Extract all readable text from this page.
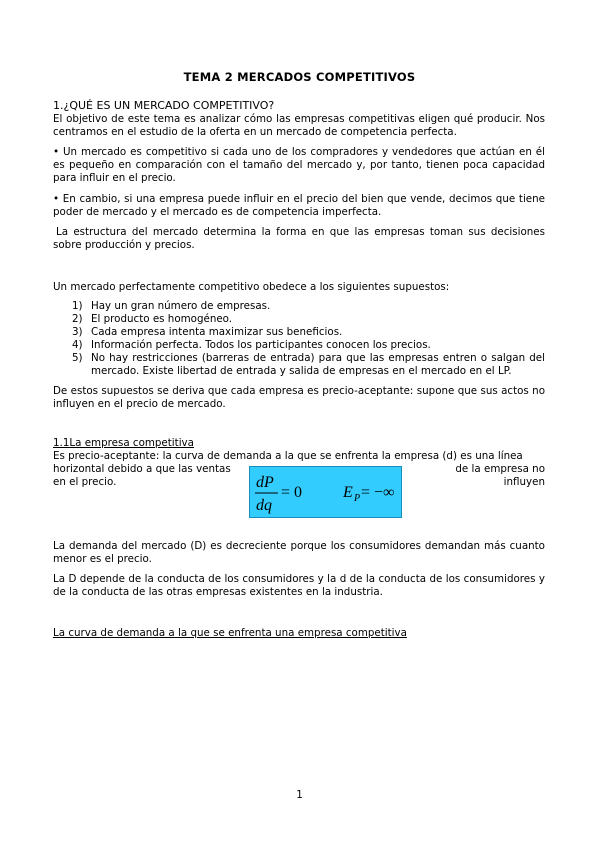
TEMA 2 MERCADOS COMPETITIVOS
1.¿QUÉ ES UN MERCADO COMPETITIVO?
El objetivo de este tema es analizar cómo las empresas competitivas eligen qué producir. Nos centramos en el estudio de la oferta en un mercado de competencia perfecta.
• Un mercado es competitivo si cada uno de los compradores y vendedores que actúan en él es pequeño en comparación con el tamaño del mercado y, por tanto, tienen poca capacidad para influir en el precio.
• En cambio, si una empresa puede influir en el precio del bien que vende, decimos que tiene poder de mercado y el mercado es de competencia imperfecta.
La estructura del mercado determina la forma en que las empresas toman sus decisiones sobre producción y precios.
Un mercado perfectamente competitivo obedece a los siguientes supuestos:
1) Hay un gran número de empresas.
2) El producto es homogéneo.
3) Cada empresa intenta maximizar sus beneficios.
4) Información perfecta. Todos los participantes conocen los precios.
5) No hay restricciones (barreras de entrada) para que las empresas entren o salgan del mercado. Existe libertad de entrada y salida de empresas en el mercado en el LP.
De estos supuestos se deriva que cada empresa es precio-aceptante: supone que sus actos no influyen en el precio de mercado.
1.1La empresa competitiva
Es precio-aceptante: la curva de demanda a la que se enfrenta la empresa (d) es una línea
horizontal debido a que las ventas	de la empresa no influyen
en el precio.	dP
dq
= 0	E P = −∞
La demanda del mercado (D) es decreciente porque los consumidores demandan más cuanto menor es el precio.
La D depende de la conducta de los consumidores y la d de la conducta de los consumidores y de la conducta de las otras empresas existentes en la industria.
La curva de demanda a la que se enfrenta una empresa competitiva
1
